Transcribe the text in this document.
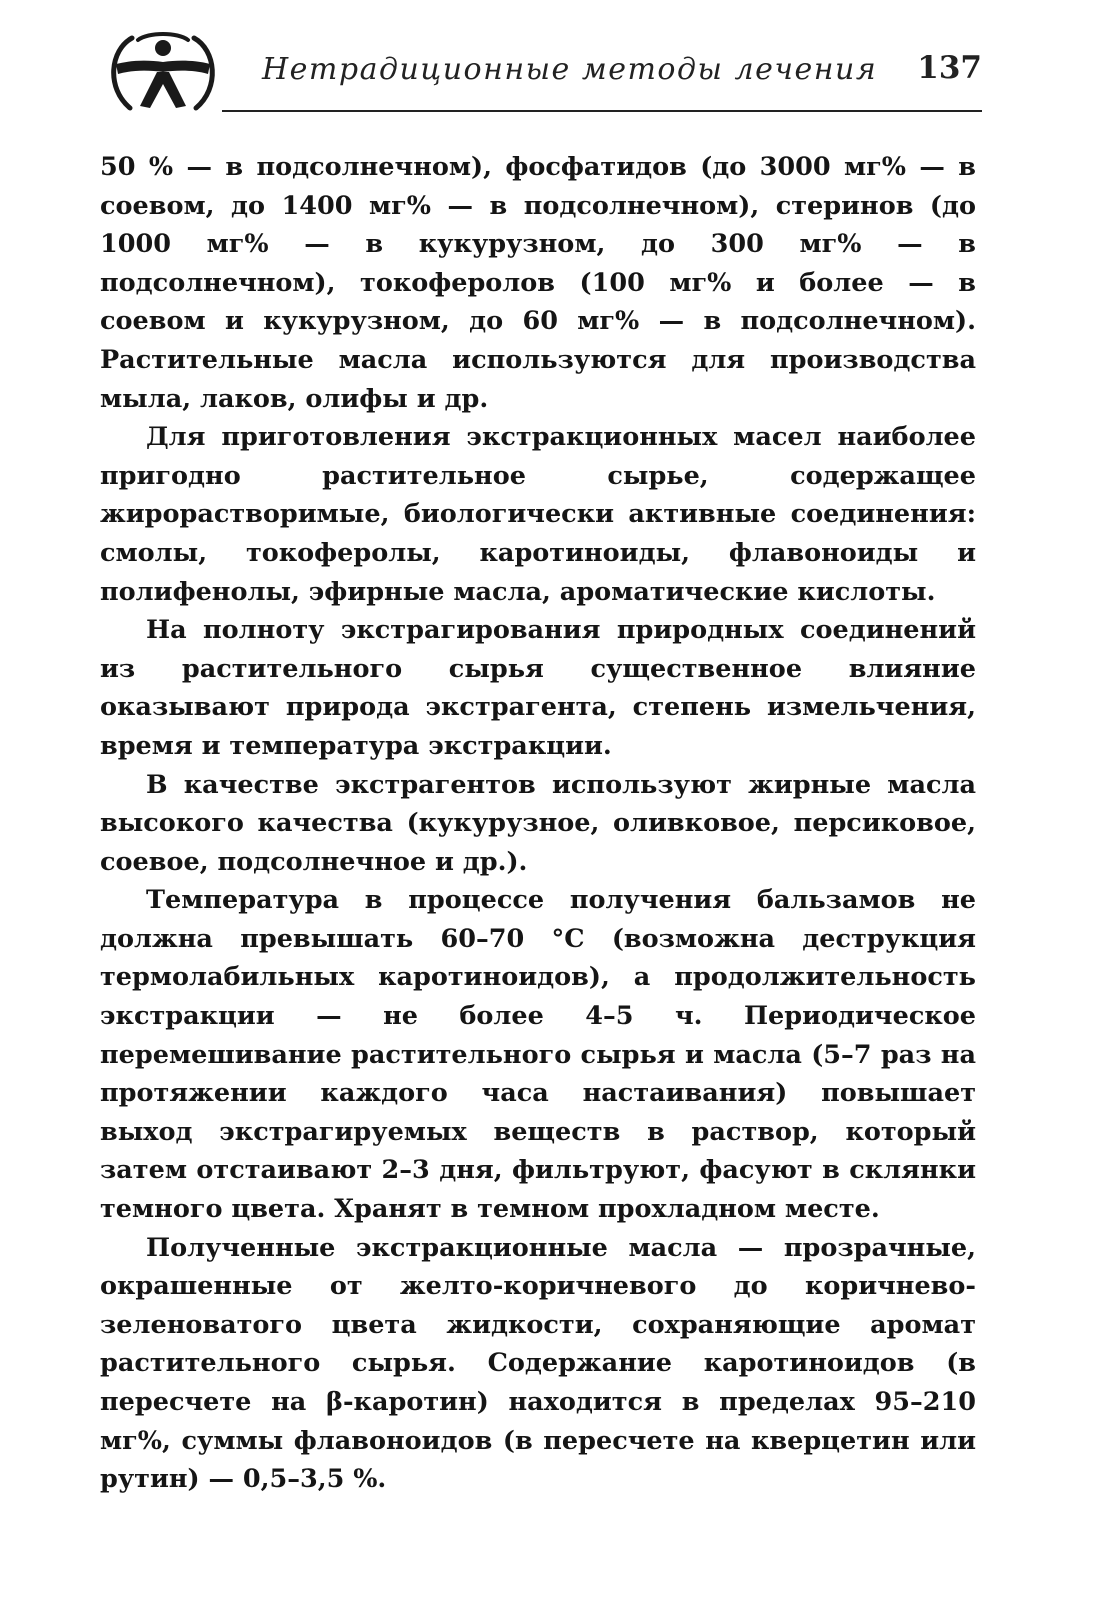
Нетрадиционные методы лечения 137

50 % — в подсолнечном), фосфатидов (до 3000 мг% — в соевом, до 1400 мг% — в подсолнечном), стеринов (до 1000 мг% — в кукурузном, до 300 мг% — в подсолнечном), токоферолов (100 мг% и более — в соевом и кукурузном, до 60 мг% — в подсолнечном). Растительные масла используются для производства мыла, лаков, олифы и др.

Для приготовления экстракционных масел наиболее пригодно растительное сырье, содержащее жирорастворимые, биологически активные соединения: смолы, токоферолы, каротиноиды, флавоноиды и полифенолы, эфирные масла, ароматические кислоты.

На полноту экстрагирования природных соединений из растительного сырья существенное влияние оказывают природа экстрагента, степень измельчения, время и температура экстракции.

В качестве экстрагентов используют жирные масла высокого качества (кукурузное, оливковое, персиковое, соевое, подсолнечное и др.).

Температура в процессе получения бальзамов не должна превышать 60–70 °С (возможна деструкция термолабильных каротиноидов), а продолжительность экстракции — не более 4–5 ч. Периодическое перемешивание растительного сырья и масла (5–7 раз на протяжении каждого часа настаивания) повышает выход экстрагируемых веществ в раствор, который затем отстаивают 2–3 дня, фильтруют, фасуют в склянки темного цвета. Хранят в темном прохладном месте.

Полученные экстракционные масла — прозрачные, окрашенные от желто-коричневого до коричнево-зеленоватого цвета жидкости, сохраняющие аромат растительного сырья. Содержание каротиноидов (в пересчете на β-каротин) находится в пределах 95–210 мг%, суммы флавоноидов (в пересчете на кверцетин или рутин) — 0,5–3,5 %.
